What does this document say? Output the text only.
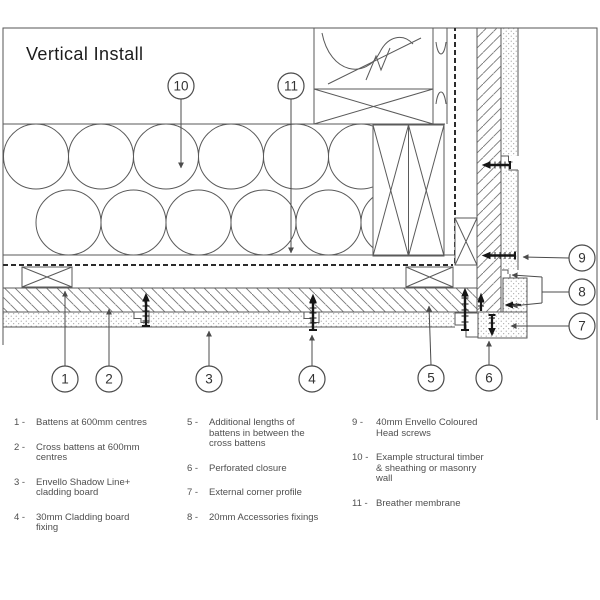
1	2	3	4	5	6
7
8
9
10	11
Vertical Install
1 -	Battens at 600mm centres
2 -	Cross battens at 600mm centres
3 -	Envello Shadow Line+ cladding board
4 -	30mm Cladding board fixing
5 -	Additional lengths of battens in between the cross battens
6 -	Perforated closure
7 -	External corner profile
8 -	20mm Accessories fixings
9 -	40mm Envello Coloured Head screws
10 - Example structural timber & sheathing or masonry wall
11 - Breather membrane
